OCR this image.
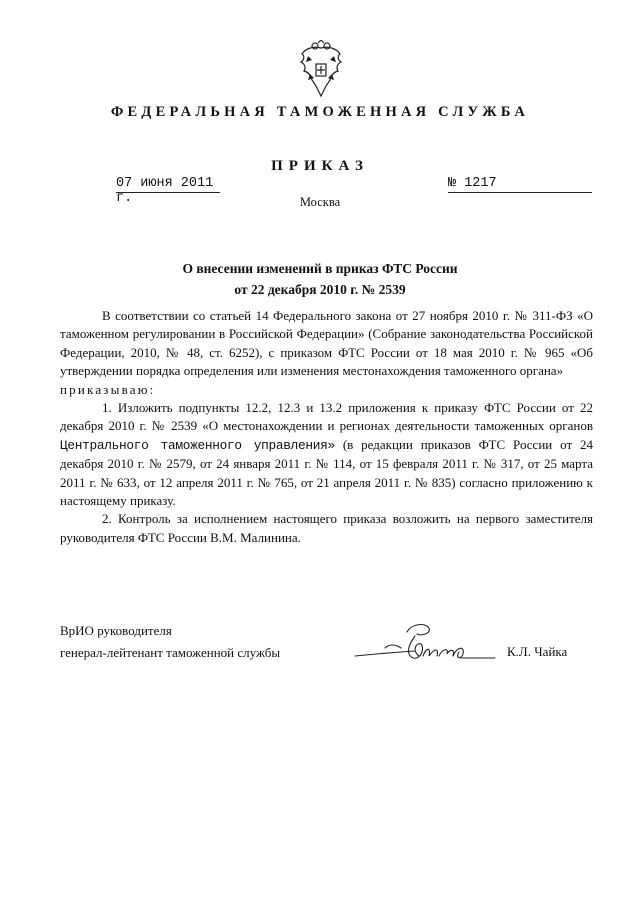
ФЕДЕРАЛЬНАЯ ТАМОЖЕННАЯ СЛУЖБА
ПРИКАЗ
07 июня 2011 г.
№ 1217
Москва
О внесении изменений в приказ ФТС России
от 22 декабря 2010 г. № 2539

В соответствии со статьей 14 Федерального закона от 27 ноября 2010 г. № 311-ФЗ «О таможенном регулировании в Российской Федерации» (Собрание законодательства Российской Федерации, 2010, № 48, ст. 6252), с приказом ФТС России от 18 мая 2010 г. № 965 «Об утверждении порядка определения или изменения местонахождения таможенного органа»

приказываю:

1. Изложить подпункты 12.2, 12.3 и 13.2 приложения к приказу ФТС России от 22 декабря 2010 г. № 2539 «О местонахождении и регионах деятельности таможенных органов Центрального таможенного управления» (в редакции приказов ФТС России от 24 декабря 2010 г. № 2579, от 24 января 2011 г. № 114, от 15 февраля 2011 г. № 317, от 25 марта 2011 г. № 633, от 12 апреля 2011 г. № 765, от 21 апреля 2011 г. № 835) согласно приложению к настоящему приказу.

2. Контроль за исполнением настоящего приказа возложить на первого заместителя руководителя ФТС России В.М. Малинина.

ВрИО руководителя
генерал-лейтенант таможенной службы	К.Л. Чайка
